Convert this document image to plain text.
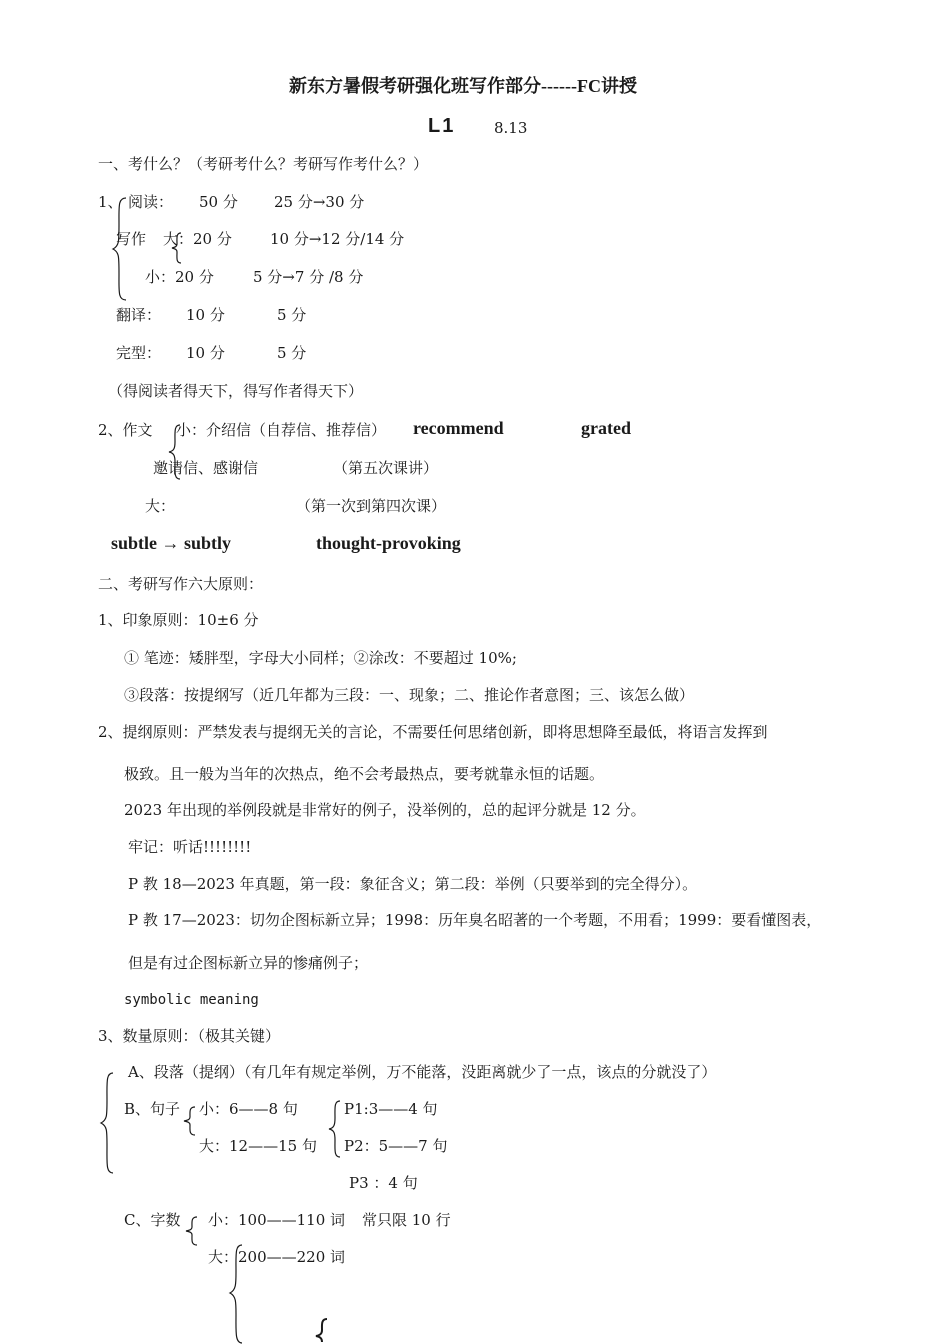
新东方暑假考研强化班写作部分------FC讲授
L1	8.13
一、考什么？（考研考什么？考研写作考什么？）
1、 阅读： 50 分 25 分→30 分
写作 大：20 分	10 分→12 分/14 分
小：20 分	5 分→7 分 /8 分
翻译： 10 分	5 分
完型： 10 分	5 分
（得阅读者得天下，得写作者得天下）
2、作文 小：介绍信（自荐信、推荐信） recommend	grated
邀请信、感谢信	（第五次课讲）
大：	（第一次到第四次课）
subtle → subtly	thought-provoking
二、考研写作六大原则：
1、印象原则：10±6 分
① 笔迹：矮胖型，字母大小同样；②涂改：不要超过 10%;
③段落：按提纲写（近几年都为三段：一、现象；二、推论作者意图；三、该怎么做）
2、提纲原则：严禁发表与提纲无关的言论，不需要任何思绪创新，即将思想降至最低，将语言发挥到
极致。且一般为当年的次热点，绝不会考最热点，要考就靠永恒的话题。
2023 年出现的举例段就是非常好的例子，没举例的，总的起评分就是 12 分。
牢记：听话!!!!!!!!
P 教 18—2023 年真题，第一段：象征含义；第二段：举例（只要举到的完全得分）。
P 教 17—2023：切勿企图标新立异；1998：历年臭名昭著的一个考题，不用看；1999：要看懂图表，
但是有过企图标新立异的惨痛例子；
symbolic meaning
3、数量原则：（极其关键）
A、段落（提纲）（有几年有规定举例，万不能落，没距离就少了一点，该点的分就没了）
B、句子 小：6——8 句
大：12——15 句
P1:3——4 句
P2：5——7 句
P3 ：4 句
C、字数 小：100——110 词 常只限 10 行
大：200——220 词
